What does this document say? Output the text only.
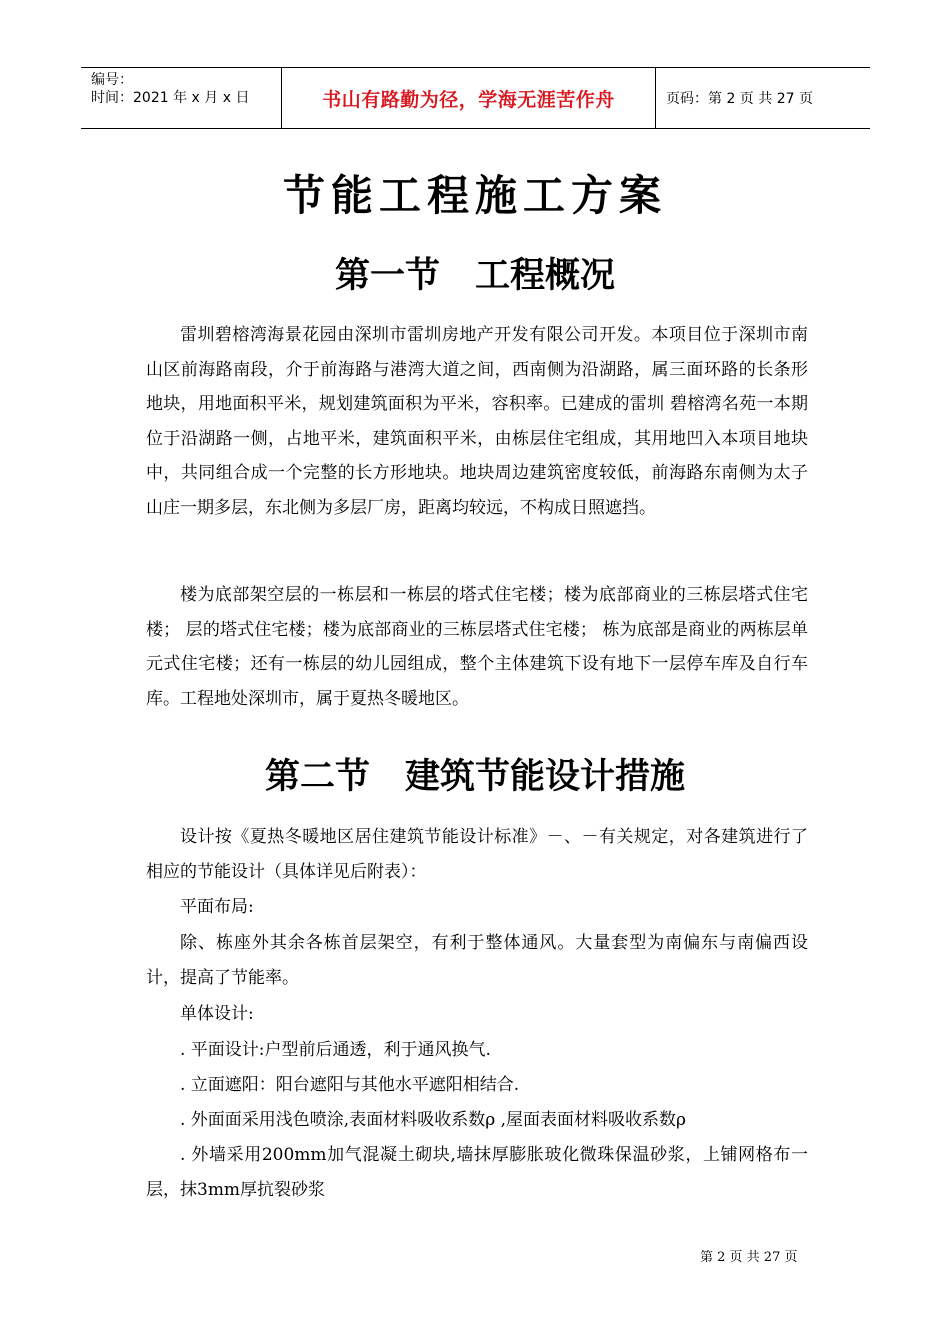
编号：
时间：2021 年 x 月 x 日	书山有路勤为径，学海无涯苦作舟	页码：第 2 页 共 27 页
节能工程施工方案
第一节　工程概况

雷圳碧榕湾海景花园由深圳市雷圳房地产开发有限公司开发。本项目位于深圳市南山区前海路南段，介于前海路与港湾大道之间，西南侧为沿湖路，属三面环路的长条形地块，用地面积平米，规划建筑面积为平米，容积率。已建成的雷圳 碧榕湾名苑一本期位于沿湖路一侧，占地平米，建筑面积平米，由栋层住宅组成，其用地凹入本项目地块中，共同组合成一个完整的长方形地块。地块周边建筑密度较低，前海路东南侧为太子山庄一期多层，东北侧为多层厂房，距离均较远，不构成日照遮挡。

楼为底部架空层的一栋层和一栋层的塔式住宅楼；楼为底部商业的三栋层塔式住宅楼； 层的塔式住宅楼；楼为底部商业的三栋层塔式住宅楼； 栋为底部是商业的两栋层单元式住宅楼；还有一栋层的幼儿园组成，整个主体建筑下设有地下一层停车库及自行车库。工程地处深圳市，属于夏热冬暖地区。

第二节　建筑节能设计措施

设计按《夏热冬暖地区居住建筑节能设计标准》－、－有关规定，对各建筑进行了相应的节能设计（具体详见后附表）：

平面布局:

除、栋座外其余各栋首层架空，有利于整体通风。大量套型为南偏东与南偏西设计，提高了节能率。

单体设计:

. 平面设计:户型前后通透，利于通风换气.

. 立面遮阳：阳台遮阳与其他水平遮阳相结合.

. 外面面采用浅色喷涂,表面材料吸收系数ρ ,屋面表面材料吸收系数ρ

. 外墙采用200mm加气混凝土砌块,墙抹厚膨胀玻化微珠保温砂浆，上铺网格布一层，抹3mm厚抗裂砂浆

第 2 页 共 27 页
